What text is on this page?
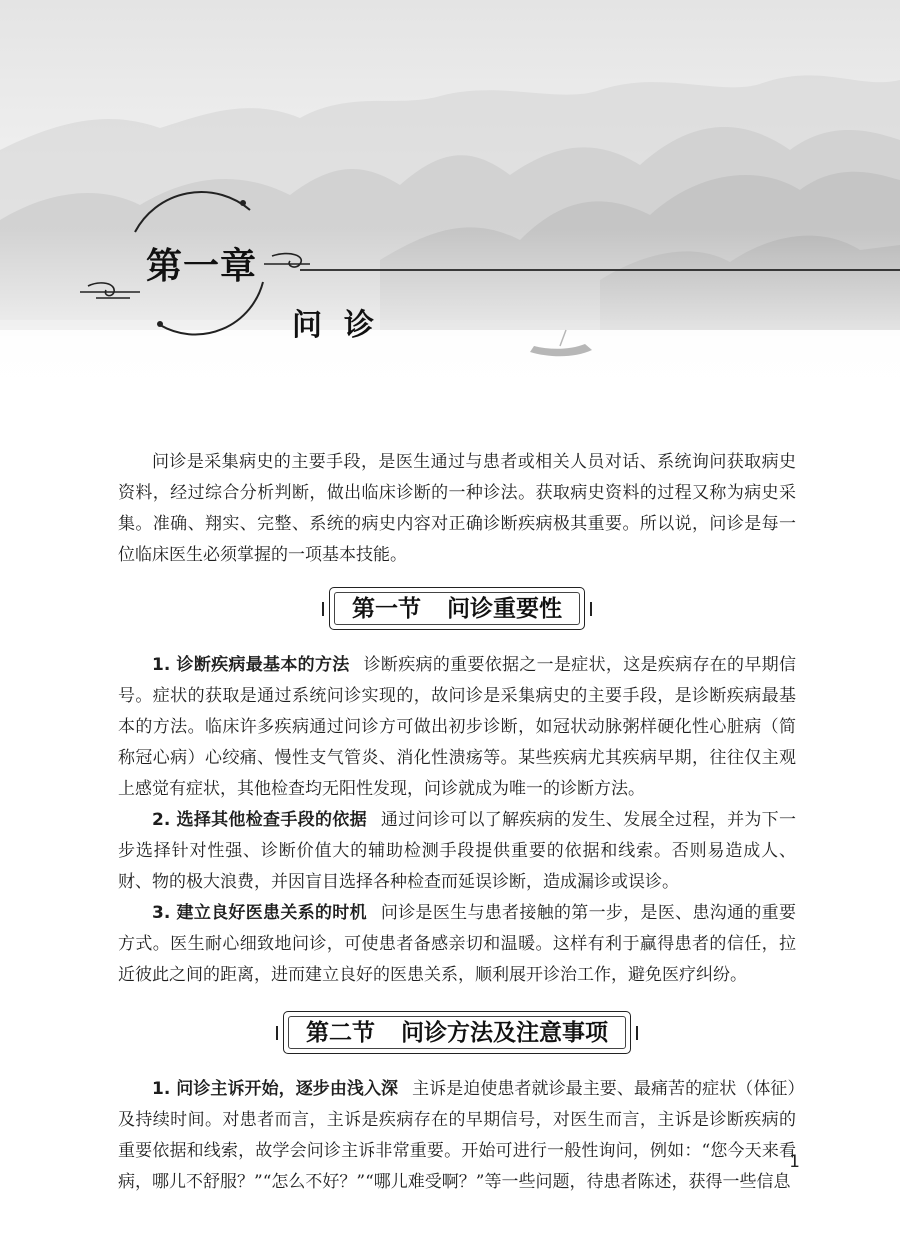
第一章
问诊

问诊是采集病史的主要手段，是医生通过与患者或相关人员对话、系统询问获取病史资料，经过综合分析判断，做出临床诊断的一种诊法。获取病史资料的过程又称为病史采集。准确、翔实、完整、系统的病史内容对正确诊断疾病极其重要。所以说，问诊是每一位临床医生必须掌握的一项基本技能。

第一节 问诊重要性

1. 诊断疾病最基本的方法 诊断疾病的重要依据之一是症状，这是疾病存在的早期信号。症状的获取是通过系统问诊实现的，故问诊是采集病史的主要手段，是诊断疾病最基本的方法。临床许多疾病通过问诊方可做出初步诊断，如冠状动脉粥样硬化性心脏病（简称冠心病）心绞痛、慢性支气管炎、消化性溃疡等。某些疾病尤其疾病早期，往往仅主观上感觉有症状，其他检查均无阳性发现，问诊就成为唯一的诊断方法。

2. 选择其他检查手段的依据 通过问诊可以了解疾病的发生、发展全过程，并为下一步选择针对性强、诊断价值大的辅助检测手段提供重要的依据和线索。否则易造成人、财、物的极大浪费，并因盲目选择各种检查而延误诊断，造成漏诊或误诊。

3. 建立良好医患关系的时机 问诊是医生与患者接触的第一步，是医、患沟通的重要方式。医生耐心细致地问诊，可使患者备感亲切和温暖。这样有利于赢得患者的信任，拉近彼此之间的距离，进而建立良好的医患关系，顺利展开诊治工作，避免医疗纠纷。

第二节 问诊方法及注意事项

1. 问诊主诉开始，逐步由浅入深 主诉是迫使患者就诊最主要、最痛苦的症状（体征）及持续时间。对患者而言，主诉是疾病存在的早期信号，对医生而言，主诉是诊断疾病的重要依据和线索，故学会问诊主诉非常重要。开始可进行一般性询问，例如：“您今天来看病，哪儿不舒服？”“怎么不好？”“哪儿难受啊？”等一些问题，待患者陈述，获得一些信息

1
